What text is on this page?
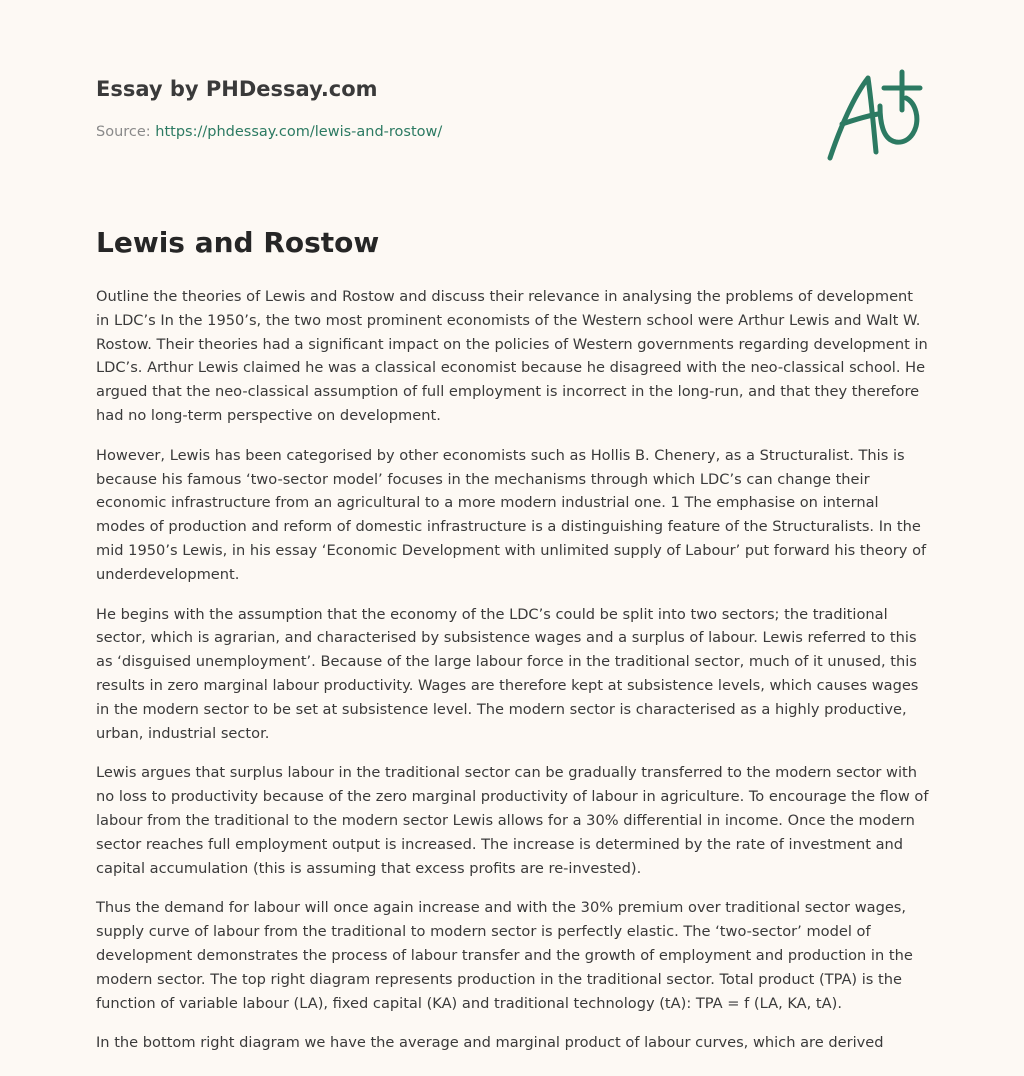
Essay by PHDessay.com
Source: https://phdessay.com/lewis-and-rostow/
Lewis and Rostow

Outline the theories of Lewis and Rostow and discuss their relevance in analysing the problems of development in LDC’s In the 1950’s, the two most prominent economists of the Western school were Arthur Lewis and Walt W. Rostow. Their theories had a significant impact on the policies of Western governments regarding development in LDC’s. Arthur Lewis claimed he was a classical economist because he disagreed with the neo-classical school. He argued that the neo-classical assumption of full employment is incorrect in the long-run, and that they therefore had no long-term perspective on development.

However, Lewis has been categorised by other economists such as Hollis B. Chenery, as a Structuralist. This is because his famous ‘two-sector model’ focuses in the mechanisms through which LDC’s can change their economic infrastructure from an agricultural to a more modern industrial one. 1 The emphasise on internal modes of production and reform of domestic infrastructure is a distinguishing feature of the Structuralists. In the mid 1950’s Lewis, in his essay ‘Economic Development with unlimited supply of Labour’ put forward his theory of underdevelopment.

He begins with the assumption that the economy of the LDC’s could be split into two sectors; the traditional sector, which is agrarian, and characterised by subsistence wages and a surplus of labour. Lewis referred to this as ‘disguised unemployment’. Because of the large labour force in the traditional sector, much of it unused, this results in zero marginal labour productivity. Wages are therefore kept at subsistence levels, which causes wages in the modern sector to be set at subsistence level. The modern sector is characterised as a highly productive, urban, industrial sector.

Lewis argues that surplus labour in the traditional sector can be gradually transferred to the modern sector with no loss to productivity because of the zero marginal productivity of labour in agriculture. To encourage the flow of labour from the traditional to the modern sector Lewis allows for a 30% differential in income. Once the modern sector reaches full employment output is increased. The increase is determined by the rate of investment and capital accumulation (this is assuming that excess profits are re-invested).

Thus the demand for labour will once again increase and with the 30% premium over traditional sector wages, supply curve of labour from the traditional to modern sector is perfectly elastic. The ‘two-sector’ model of development demonstrates the process of labour transfer and the growth of employment and production in the modern sector. The top right diagram represents production in the traditional sector. Total product (TPA) is the function of variable labour (LA), fixed capital (KA) and traditional technology (tA): TPA = f (LA, KA, tA).

In the bottom right diagram we have the average and marginal product of labour curves, which are derived
